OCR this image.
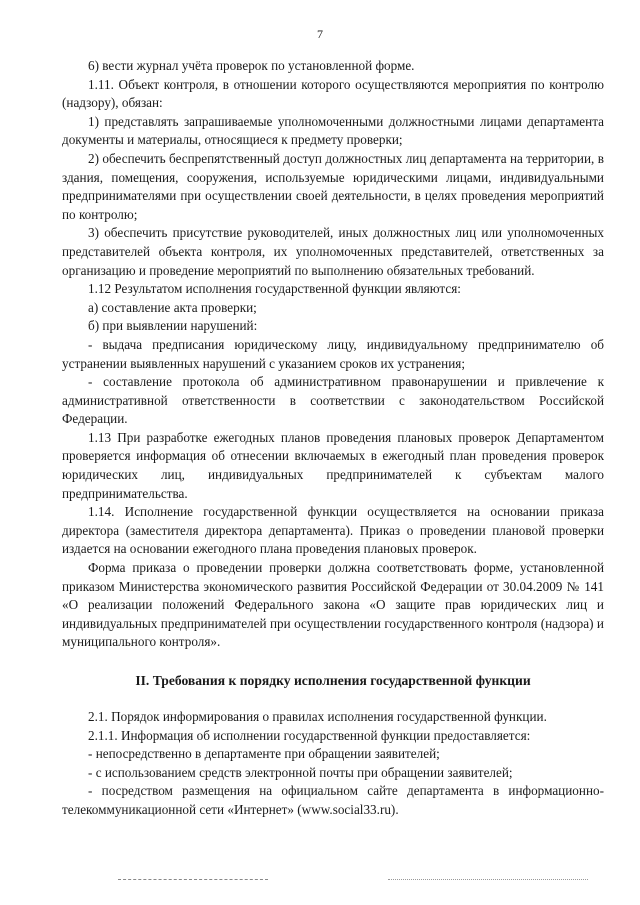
7

6) вести журнал учёта проверок по установленной форме.

1.11. Объект контроля, в отношении которого осуществляются мероприятия по контролю (надзору), обязан:

1) представлять запрашиваемые уполномоченными должностными лицами департамента документы и материалы, относящиеся к предмету проверки;

2) обеспечить беспрепятственный доступ должностных лиц департамента на территории, в здания, помещения, сооружения, используемые юридическими лицами, индивидуальными предпринимателями при осуществлении своей деятельности, в целях проведения мероприятий по контролю;

3) обеспечить присутствие руководителей, иных должностных лиц или уполномоченных представителей объекта контроля, их уполномоченных представителей, ответственных за организацию и проведение мероприятий по выполнению обязательных требований.

1.12 Результатом исполнения государственной функции являются:

а) составление акта проверки;

б) при выявлении нарушений:

- выдача предписания юридическому лицу, индивидуальному предпринимателю об устранении выявленных нарушений с указанием сроков их устранения;

- составление протокола об административном правонарушении и привлечение к административной ответственности в соответствии с законодательством Российской Федерации.

1.13 При разработке ежегодных планов проведения плановых проверок Департаментом проверяется информация об отнесении включаемых в ежегодный план проведения проверок юридических лиц, индивидуальных предпринимателей к субъектам малого предпринимательства.

1.14. Исполнение государственной функции осуществляется на основании приказа директора (заместителя директора департамента). Приказ о проведении плановой проверки издается на основании ежегодного плана проведения плановых проверок.

Форма приказа о проведении проверки должна соответствовать форме, установленной приказом Министерства экономического развития Российской Федерации от 30.04.2009 № 141 «О реализации положений Федерального закона «О защите прав юридических лиц и индивидуальных предпринимателей при осуществлении государственного контроля (надзора) и муниципального контроля».

II. Требования к порядку исполнения государственной функции

2.1. Порядок информирования о правилах исполнения государственной функции.

2.1.1. Информация об исполнении государственной функции предоставляется:

- непосредственно в департаменте при обращении заявителей;

- с использованием средств электронной почты при обращении заявителей;

- посредством размещения на официальном сайте департамента в информационно-телекоммуникационной сети «Интернет» (www.social33.ru).
